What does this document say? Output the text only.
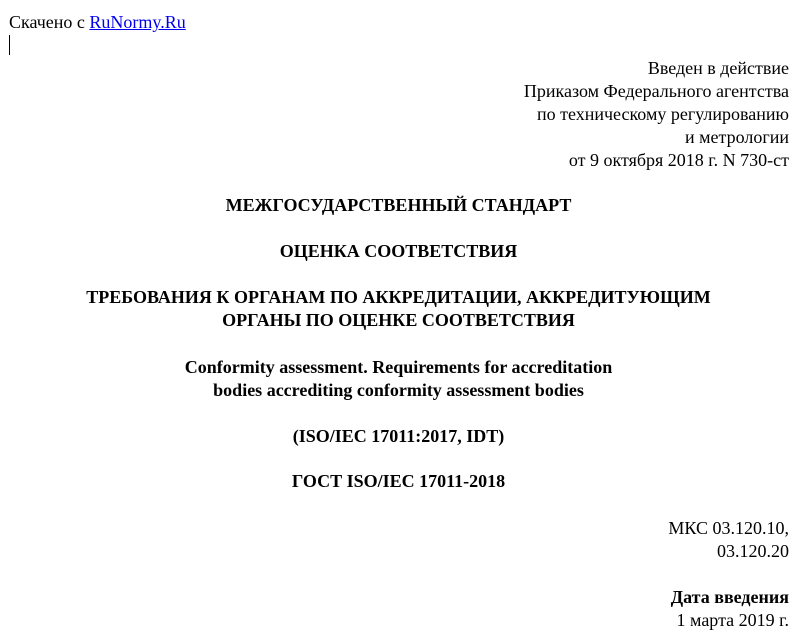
Скачено с RuNormy.Ru
Введен в действие
Приказом Федерального агентства
по техническому регулированию
и метрологии
от 9 октября 2018 г. N 730-ст
МЕЖГОСУДАРСТВЕННЫЙ СТАНДАРТ
ОЦЕНКА СООТВЕТСТВИЯ
ТРЕБОВАНИЯ К ОРГАНАМ ПО АККРЕДИТАЦИИ, АККРЕДИТУЮЩИМ
ОРГАНЫ ПО ОЦЕНКЕ СООТВЕТСТВИЯ
Conformity assessment. Requirements for accreditation
bodies accrediting conformity assessment bodies
(ISO/IEC 17011:2017, IDT)
ГОСТ ISO/IEC 17011-2018
МКС 03.120.10,
03.120.20
Дата введения
1 марта 2019 г.
